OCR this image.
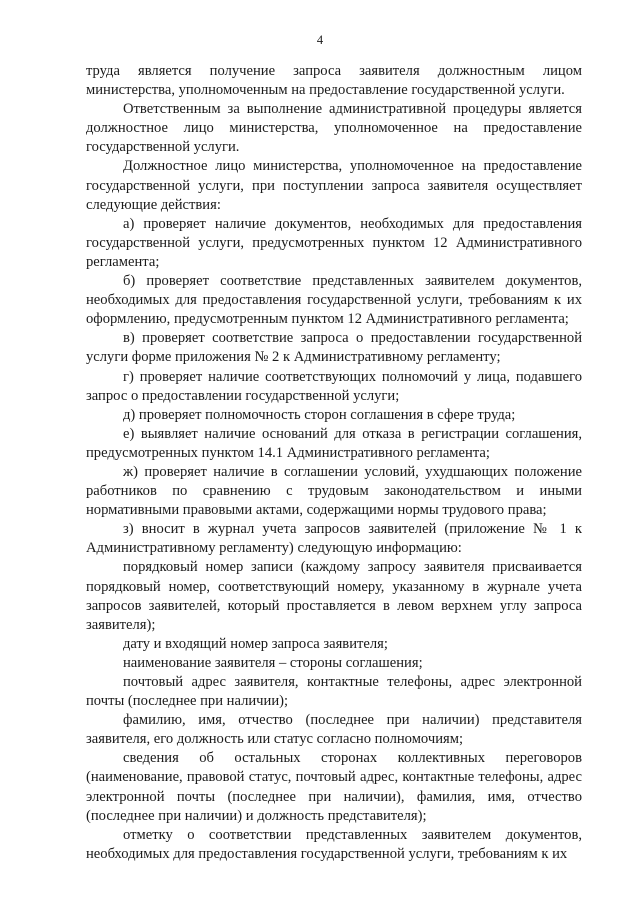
4

труда является получение запроса заявителя должностным лицом министерства, уполномоченным на предоставление государственной услуги.

Ответственным за выполнение административной процедуры является должностное лицо министерства, уполномоченное на предоставление государственной услуги.

Должностное лицо министерства, уполномоченное на предоставление государственной услуги, при поступлении запроса заявителя осуществляет следующие действия:

а) проверяет наличие документов, необходимых для предоставления государственной услуги, предусмотренных пунктом 12 Административного регламента;

б) проверяет соответствие представленных заявителем документов, необходимых для предоставления государственной услуги, требованиям к их оформлению, предусмотренным пунктом 12 Административного регламента;

в) проверяет соответствие запроса о предоставлении государственной услуги форме приложения № 2 к Административному регламенту;

г) проверяет наличие соответствующих полномочий у лица, подавшего запрос о предоставлении государственной услуги;

д) проверяет полномочность сторон соглашения в сфере труда;

е) выявляет наличие оснований для отказа в регистрации соглашения, предусмотренных пунктом 14.1 Административного регламента;

ж) проверяет наличие в соглашении условий, ухудшающих положение работников по сравнению с трудовым законодательством и иными нормативными правовыми актами, содержащими нормы трудового права;

з) вносит в журнал учета запросов заявителей (приложение № 1 к Административному регламенту) следующую информацию:

порядковый номер записи (каждому запросу заявителя присваивается порядковый номер, соответствующий номеру, указанному в журнале учета запросов заявителей, который проставляется в левом верхнем углу запроса заявителя);

дату и входящий номер запроса заявителя;

наименование заявителя – стороны соглашения;

почтовый адрес заявителя, контактные телефоны, адрес электронной почты (последнее при наличии);

фамилию, имя, отчество (последнее при наличии) представителя заявителя, его должность или статус согласно полномочиям;

сведения об остальных сторонах коллективных переговоров (наименование, правовой статус, почтовый адрес, контактные телефоны, адрес электронной почты (последнее при наличии), фамилия, имя, отчество (последнее при наличии) и должность представителя);

отметку о соответствии представленных заявителем документов, необходимых для предоставления государственной услуги, требованиям к их
